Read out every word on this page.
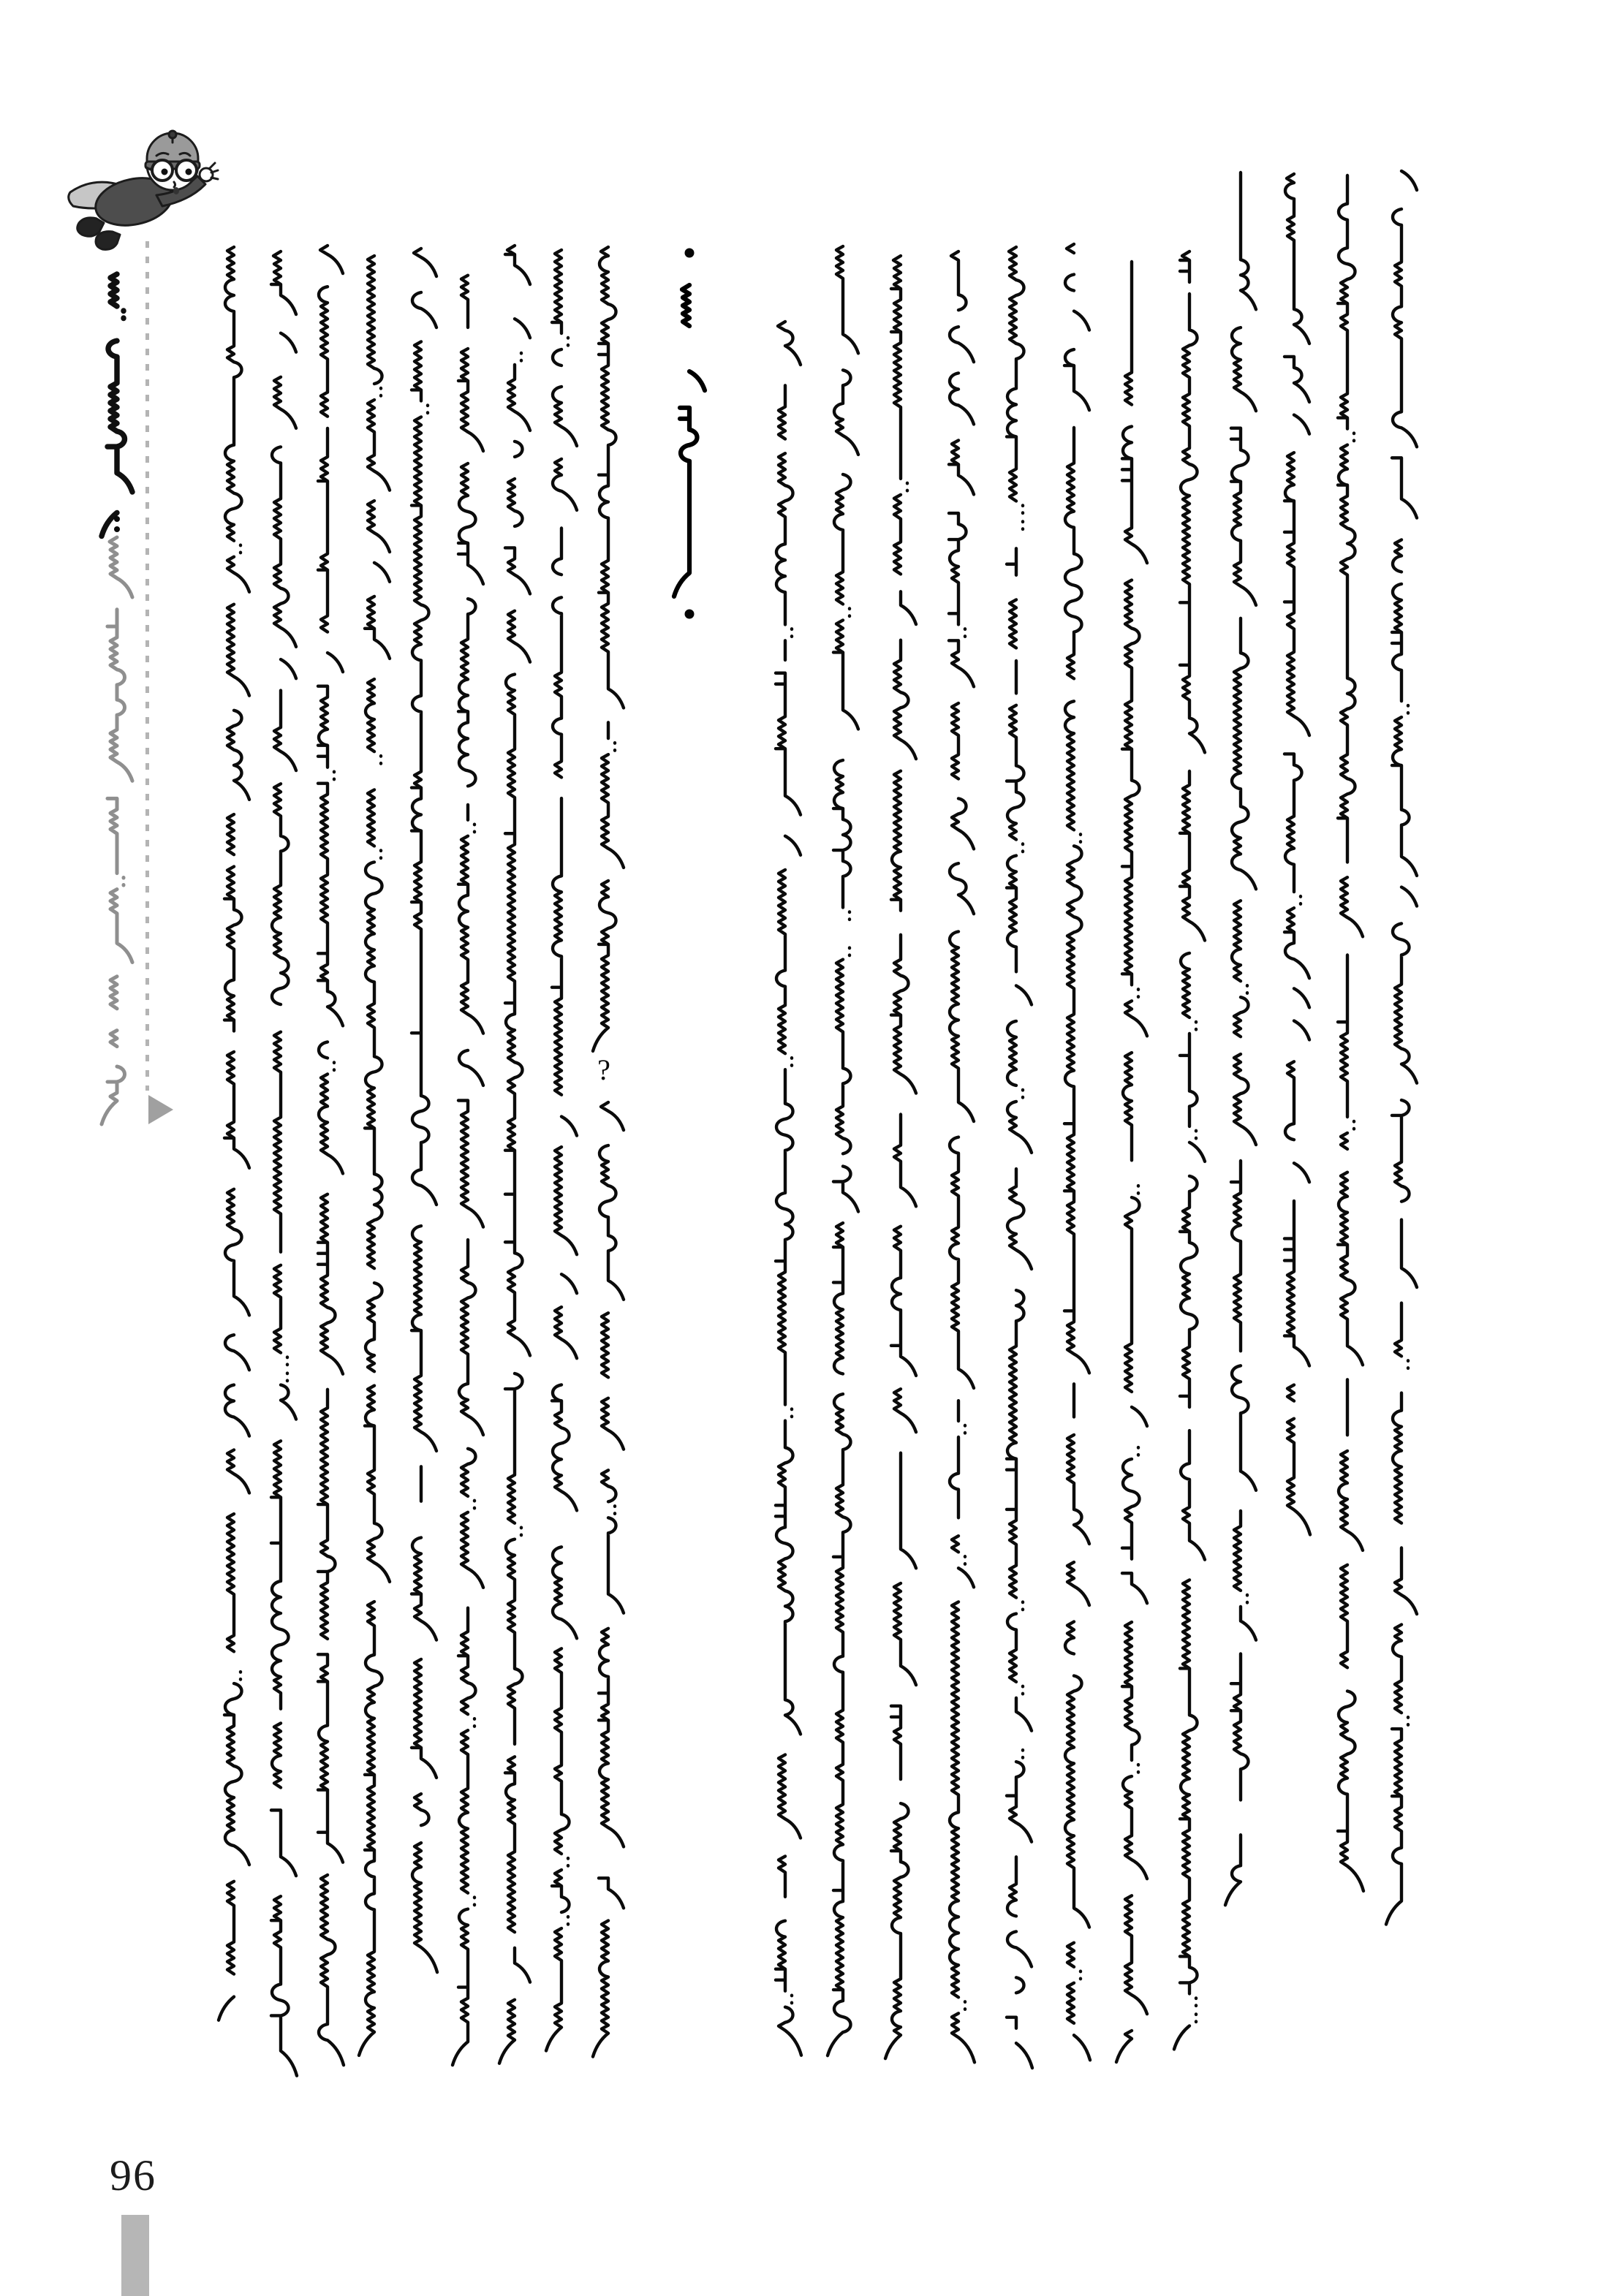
?
96
